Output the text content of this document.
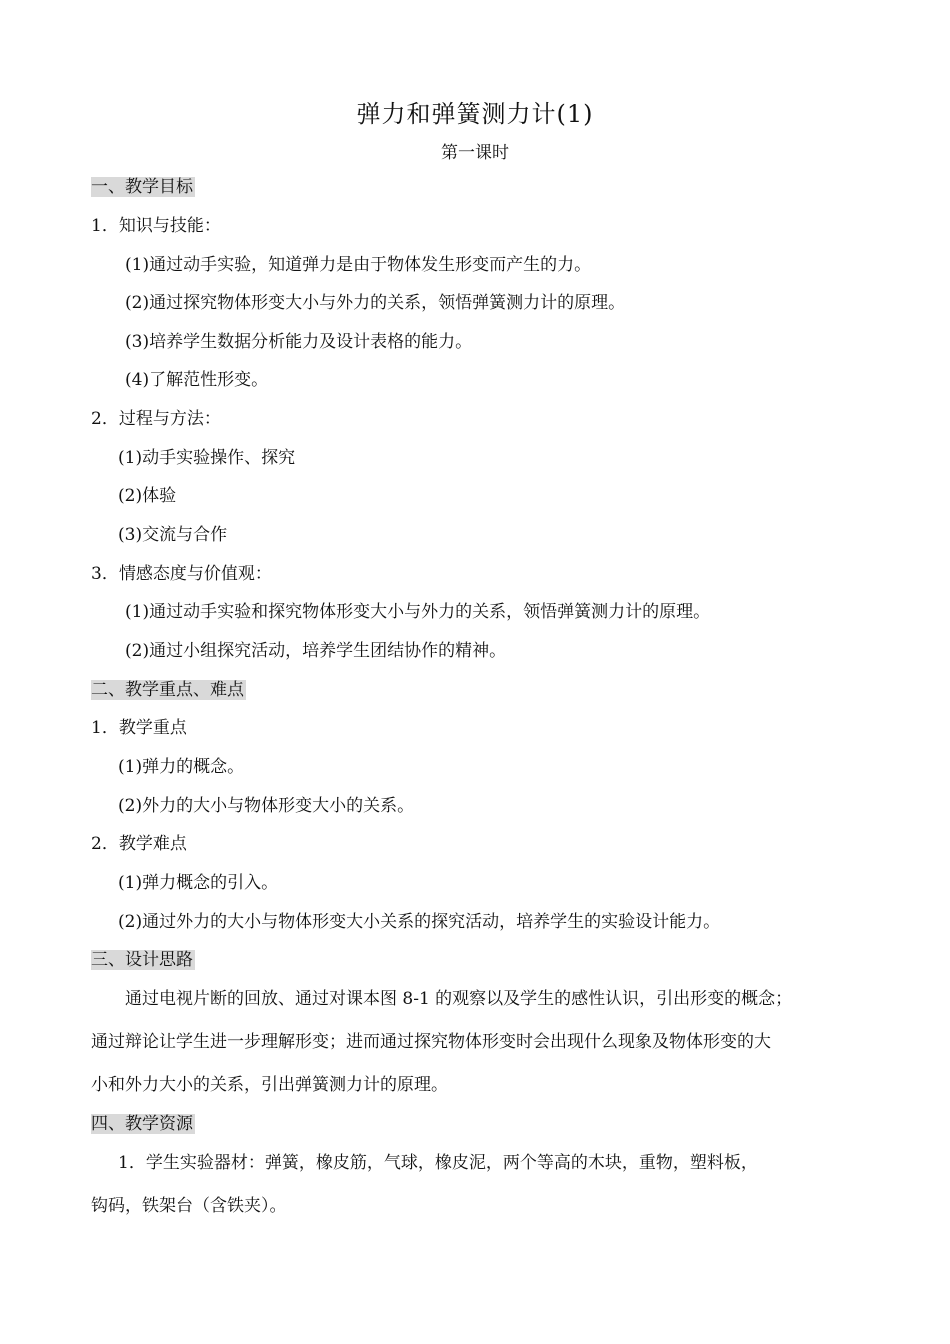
弹力和弹簧测力计(1)
第一课时
一、教学目标
1．知识与技能：
(1)通过动手实验，知道弹力是由于物体发生形变而产生的力。
(2)通过探究物体形变大小与外力的关系，领悟弹簧测力计的原理。
(3)培养学生数据分析能力及设计表格的能力。
(4)了解范性形变。
2．过程与方法：
(1)动手实验操作、探究
(2)体验
(3)交流与合作
3．情感态度与价值观：
(1)通过动手实验和探究物体形变大小与外力的关系，领悟弹簧测力计的原理。
(2)通过小组探究活动，培养学生团结协作的精神。
二、教学重点、难点
1．教学重点
(1)弹力的概念。
(2)外力的大小与物体形变大小的关系。
2．教学难点
(1)弹力概念的引入。
(2)通过外力的大小与物体形变大小关系的探究活动，培养学生的实验设计能力。
三、设计思路
通过电视片断的回放、通过对课本图 8-1 的观察以及学生的感性认识，引出形变的概念；
通过辩论让学生进一步理解形变；进而通过探究物体形变时会出现什么现象及物体形变的大
小和外力大小的关系，引出弹簧测力计的原理。
四、教学资源
1．学生实验器材：弹簧，橡皮筋，气球，橡皮泥，两个等高的木块，重物，塑料板，
钩码，铁架台（含铁夹）。
